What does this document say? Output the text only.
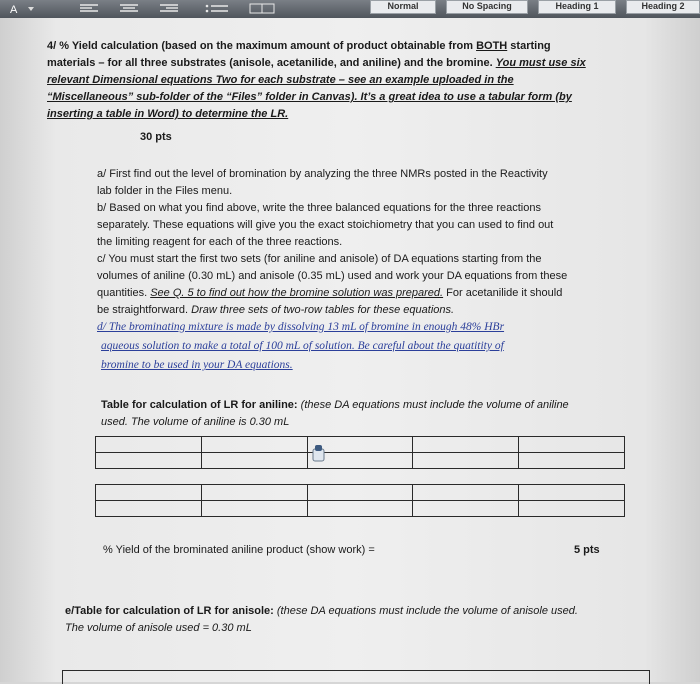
A	Normal	No Spacing	Heading 1	Heading 2
4/ % Yield calculation (based on the maximum amount of product obtainable from BOTH starting
materials – for all three substrates (anisole, acetanilide, and aniline) and the bromine. You must use six
relevant Dimensional equations Two for each substrate – see an example uploaded in the
“Miscellaneous” sub-folder of the “Files” folder in Canvas). It’s a great idea to use a tabular form (by
inserting a table in Word) to determine the LR.
30 pts
a/ First find out the level of bromination by analyzing the three NMRs posted in the Reactivity
lab folder in the Files menu.
b/ Based on what you find above, write the three balanced equations for the three reactions
separately. These equations will give you the exact stoichiometry that you can used to find out
the limiting reagent for each of the three reactions.
c/ You must start the first two sets (for aniline and anisole) of DA equations starting from the
volumes of aniline (0.30 mL) and anisole (0.35 mL) used and work your DA equations from these
quantities. See Q. 5 to find out how the bromine solution was prepared. For acetanilide it should
be straightforward. Draw three sets of two-row tables for these equations.
d/ The brominating mixture is made by dissolving 13 mL of bromine in enough 48% HBr
aqueous solution to make a total of 100 mL of solution. Be careful about the quatitity of
bromine to be used in your DA equations.
Table for calculation of LR for aniline: (these DA equations must include the volume of aniline
used. The volume of aniline is 0.30 mL

% Yield of the brominated aniline product (show work) =	5 pts
e/Table for calculation of LR for anisole: (these DA equations must include the volume of anisole used.
The volume of anisole used = 0.30 mL
